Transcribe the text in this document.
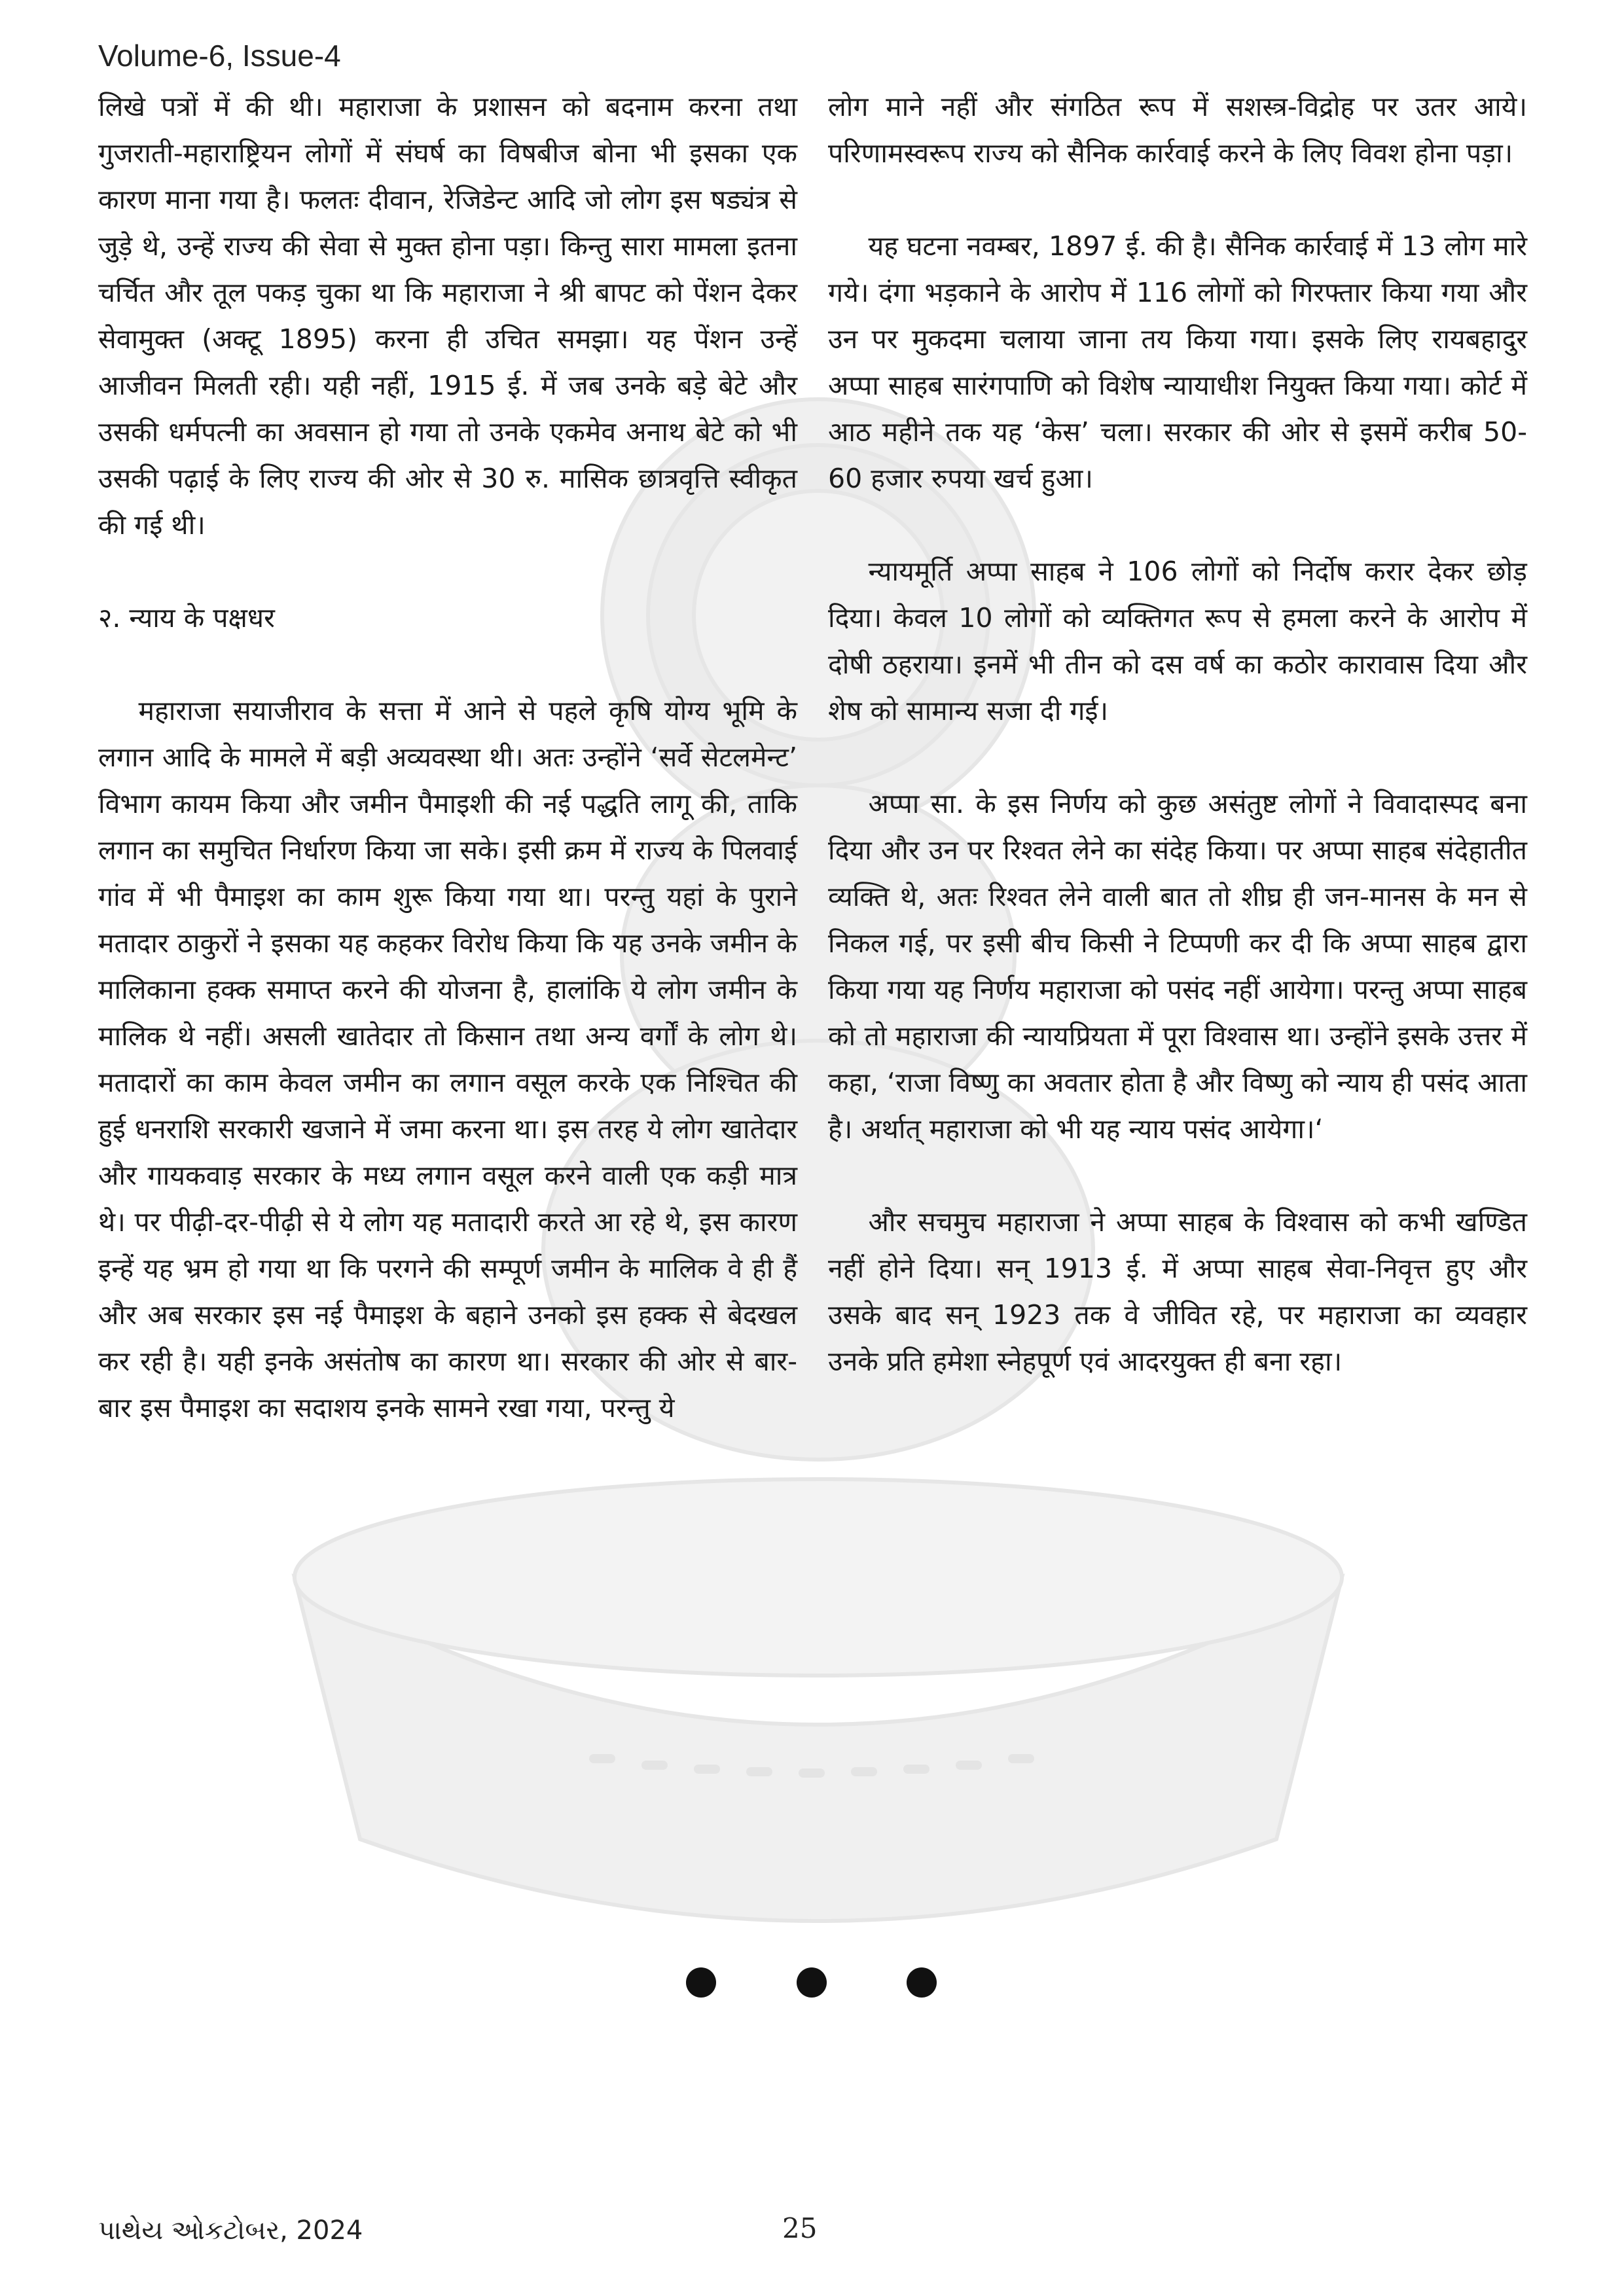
Volume-6, Issue-4

लिखे पत्रों में की थी। महाराजा के प्रशासन को बदनाम करना तथा गुजराती-महाराष्ट्रियन लोगों में संघर्ष का विषबीज बोना भी इसका एक कारण माना गया है। फलतः दीवान, रेजिडेन्ट आदि जो लोग इस षड्यंत्र से जुड़े थे, उन्हें राज्य की सेवा से मुक्त होना पड़ा। किन्तु सारा मामला इतना चर्चित और तूल पकड़ चुका था कि महाराजा ने श्री बापट को पेंशन देकर सेवामुक्त (अक्टू 1895) करना ही उचित समझा। यह पेंशन उन्हें आजीवन मिलती रही। यही नहीं, 1915 ई. में जब उनके बड़े बेटे और उसकी धर्मपत्नी का अवसान हो गया तो उनके एकमेव अनाथ बेटे को भी उसकी पढ़ाई के लिए राज्य की ओर से 30 रु. मासिक छात्रवृत्ति स्वीकृत की गई थी।

२. न्याय के पक्षधर

महाराजा सयाजीराव के सत्ता में आने से पहले कृषि योग्य भूमि के लगान आदि के मामले में बड़ी अव्यवस्था थी। अतः उन्होंने ‘सर्वे सेटलमेन्ट’ विभाग कायम किया और जमीन पैमाइशी की नई पद्धति लागू की, ताकि लगान का समुचित निर्धारण किया जा सके। इसी क्रम में राज्य के पिलवाई गांव में भी पैमाइश का काम शुरू किया गया था। परन्तु यहां के पुराने मतादार ठाकुरों ने इसका यह कहकर विरोध किया कि यह उनके जमीन के मालिकाना हक्क समाप्त करने की योजना है, हालांकि ये लोग जमीन के मालिक थे नहीं। असली खातेदार तो किसान तथा अन्य वर्गों के लोग थे। मतादारों का काम केवल जमीन का लगान वसूल करके एक निश्चित की हुई धनराशि सरकारी खजाने में जमा करना था। इस तरह ये लोग खातेदार और गायकवाड़ सरकार के मध्य लगान वसूल करने वाली एक कड़ी मात्र थे। पर पीढ़ी-दर-पीढ़ी से ये लोग यह मतादारी करते आ रहे थे, इस कारण इन्हें यह भ्रम हो गया था कि परगने की सम्पूर्ण जमीन के मालिक वे ही हैं और अब सरकार इस नई पैमाइश के बहाने उनको इस हक्क से बेदखल कर रही है। यही इनके असंतोष का कारण था। सरकार की ओर से बार-बार इस पैमाइश का सदाशय इनके सामने रखा गया, परन्तु ये

लोग माने नहीं और संगठित रूप में सशस्त्र-विद्रोह पर उतर आये। परिणामस्वरूप राज्य को सैनिक कार्रवाई करने के लिए विवश होना पड़ा।

यह घटना नवम्बर, 1897 ई. की है। सैनिक कार्रवाई में 13 लोग मारे गये। दंगा भड़काने के आरोप में 116 लोगों को गिरफ्तार किया गया और उन पर मुकदमा चलाया जाना तय किया गया। इसके लिए रायबहादुर अप्पा साहब सारंगपाणि को विशेष न्यायाधीश नियुक्त किया गया। कोर्ट में आठ महीने तक यह ‘केस’ चला। सरकार की ओर से इसमें करीब 50-60 हजार रुपया खर्च हुआ।

न्यायमूर्ति अप्पा साहब ने 106 लोगों को निर्दोष करार देकर छोड़ दिया। केवल 10 लोगों को व्यक्तिगत रूप से हमला करने के आरोप में दोषी ठहराया। इनमें भी तीन को दस वर्ष का कठोर कारावास दिया और शेष को सामान्य सजा दी गई।

अप्पा सा. के इस निर्णय को कुछ असंतुष्ट लोगों ने विवादास्पद बना दिया और उन पर रिश्वत लेने का संदेह किया। पर अप्पा साहब संदेहातीत व्यक्ति थे, अतः रिश्वत लेने वाली बात तो शीघ्र ही जन-मानस के मन से निकल गई, पर इसी बीच किसी ने टिप्पणी कर दी कि अप्पा साहब द्वारा किया गया यह निर्णय महाराजा को पसंद नहीं आयेगा। परन्तु अप्पा साहब को तो महाराजा की न्यायप्रियता में पूरा विश्वास था। उन्होंने इसके उत्तर में कहा, ‘राजा विष्णु का अवतार होता है और विष्णु को न्याय ही पसंद आता है। अर्थात् महाराजा को भी यह न्याय पसंद आयेगा।‘

और सचमुच महाराजा ने अप्पा साहब के विश्वास को कभी खण्डित नहीं होने दिया। सन् 1913 ई. में अप्पा साहब सेवा-निवृत्त हुए और उसके बाद सन् 1923 तक वे जीवित रहे, पर महाराजा का व्यवहार उनके प्रति हमेशा स्नेहपूर्ण एवं आदरयुक्त ही बना रहा।

પાથેય ઓકટોબર, 2024	25
